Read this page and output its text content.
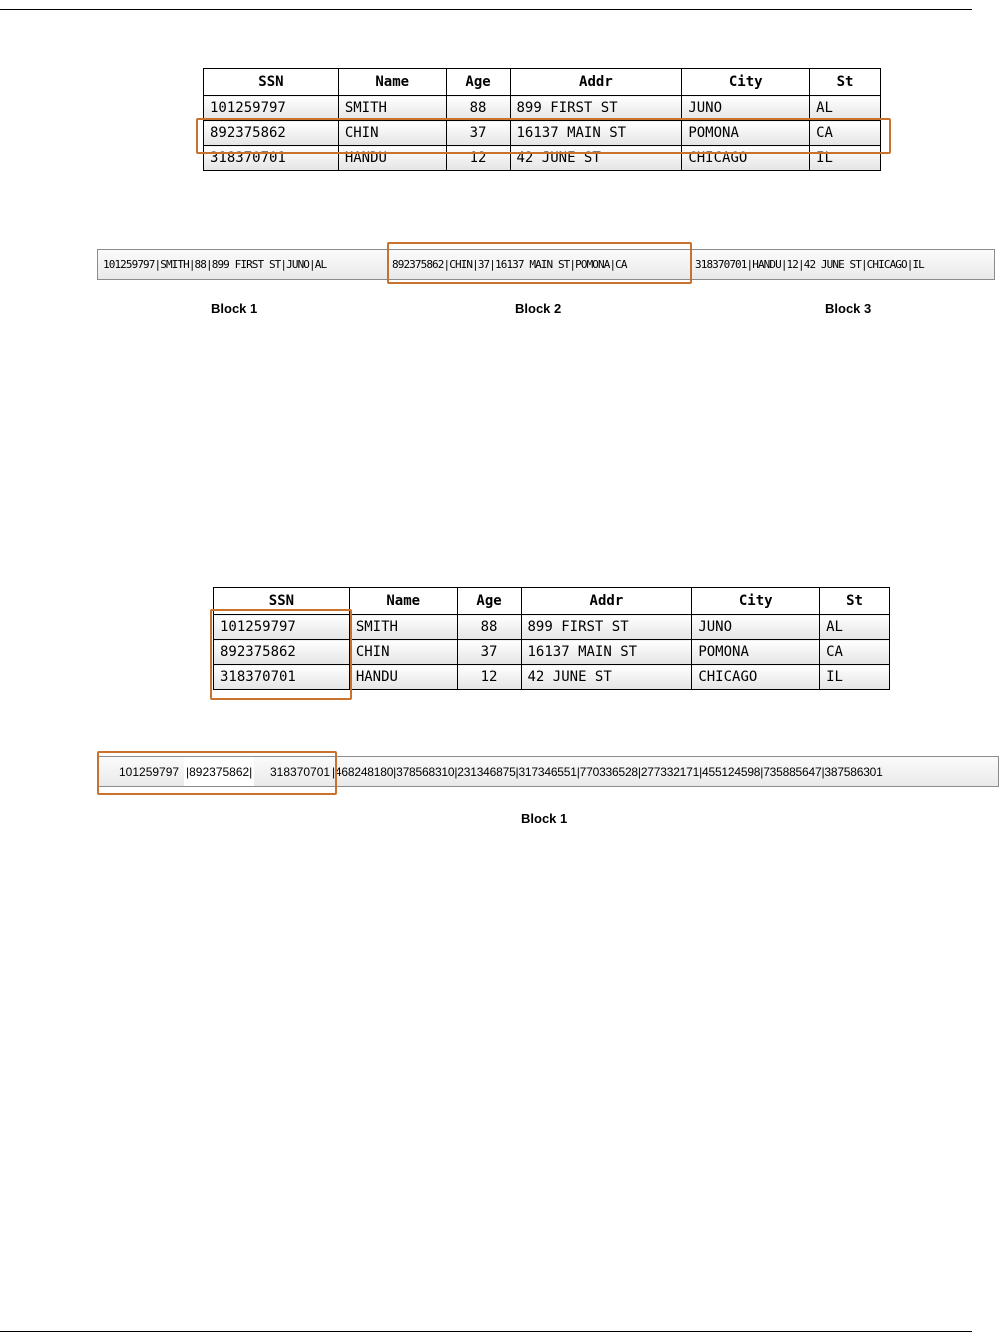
SSN	Name	Age	Addr	City	St
101259797	SMITH	88	899 FIRST ST	JUNO	AL
892375862	CHIN	37	16137 MAIN ST	POMONA	CA
318370701	HANDU	12	42 JUNE ST	CHICAGO	IL
101259797|SMITH|88|899 FIRST ST|JUNO|AL	892375862|CHIN|37|16137 MAIN ST|POMONA|CA	318370701|HANDU|12|42 JUNE ST|CHICAGO|IL
Block 1	Block 2	Block 3
SSN	Name	Age	Addr	City	St
101259797	SMITH	88	899 FIRST ST	JUNO	AL
892375862	CHIN	37	16137 MAIN ST	POMONA	CA
318370701	HANDU	12	42 JUNE ST	CHICAGO	IL
101259797 |892375862| 318370701 |468248180|378568310|231346875|317346551|770336528|277332171|455124598|735885647|387586301
Block 1
